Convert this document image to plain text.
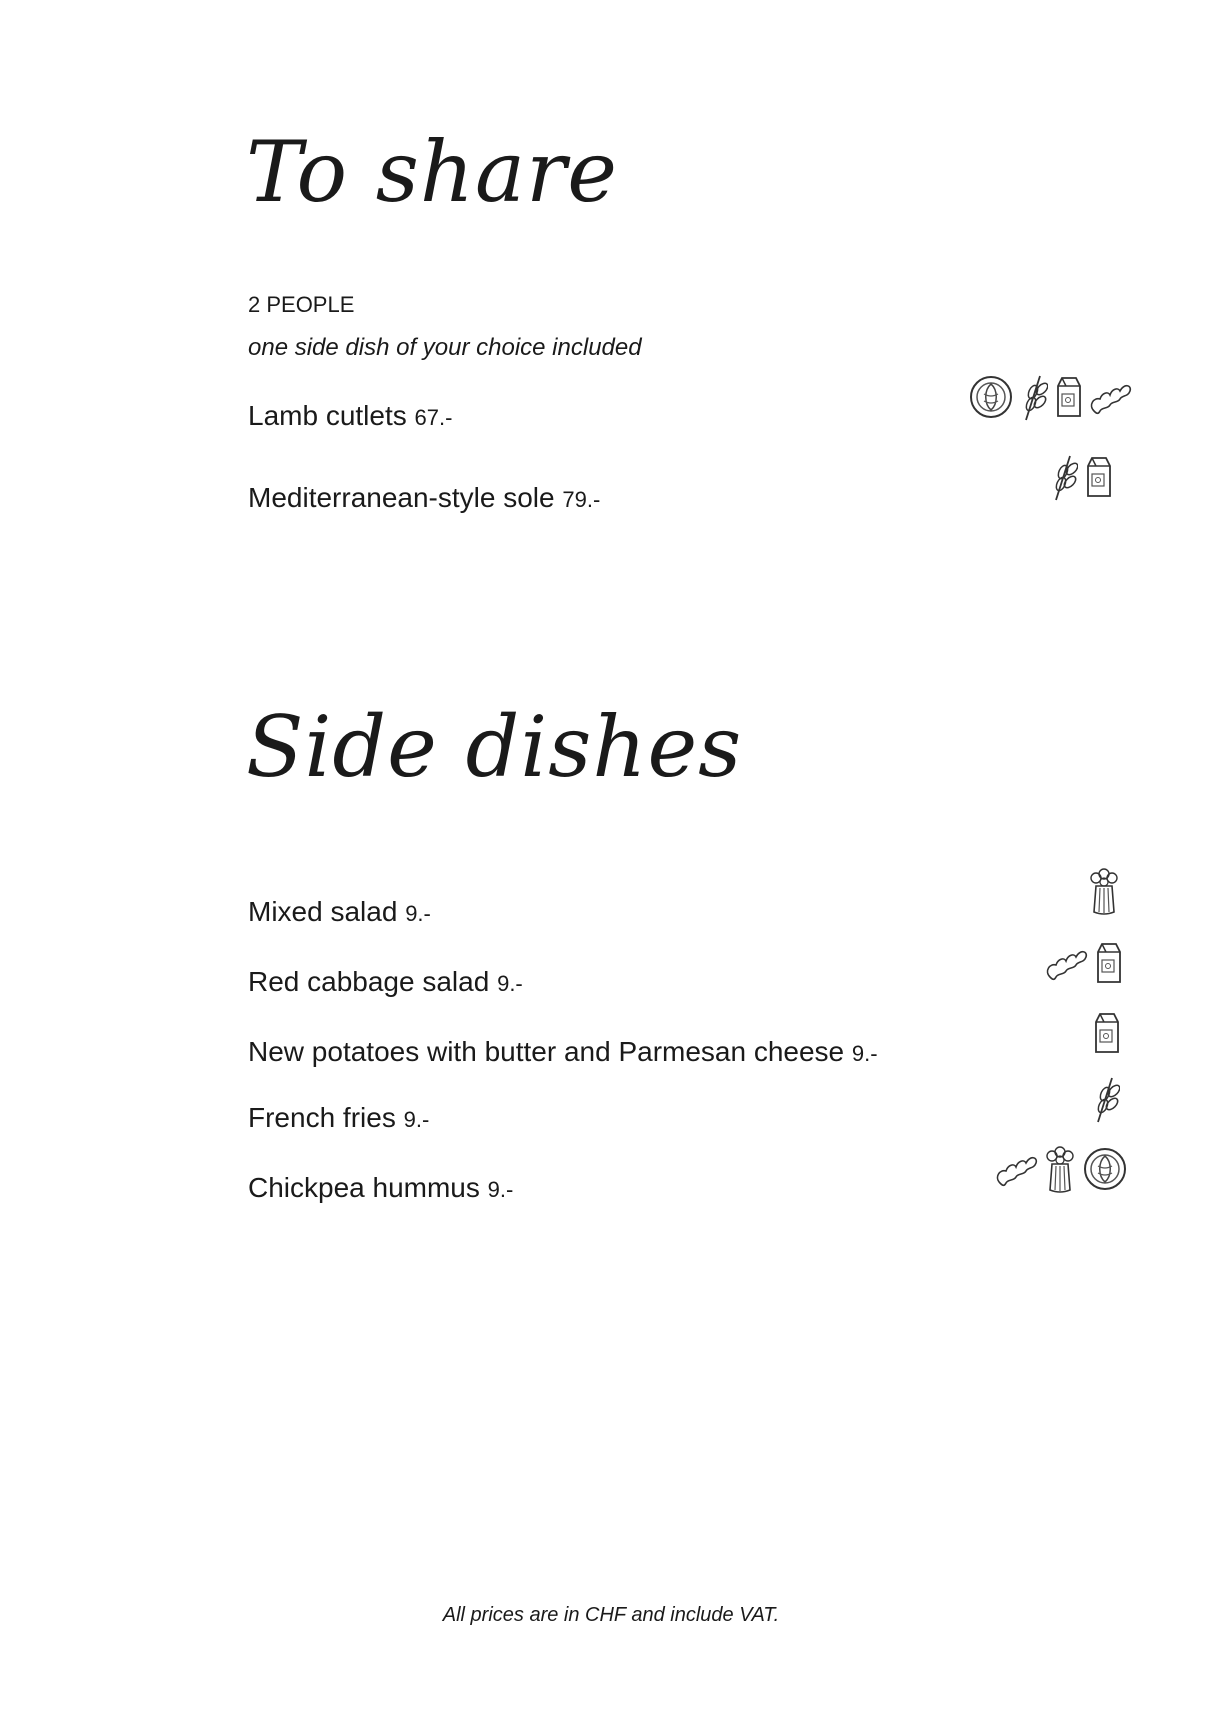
To share
2 PEOPLE
one side dish of your choice included
Lamb cutlets 67.-
Mediterranean-style sole 79.-
Side dishes
Mixed salad 9.-
Red cabbage salad 9.-
New potatoes with butter and Parmesan cheese 9.-
French fries 9.-
Chickpea hummus 9.-
All prices are in CHF and include VAT.
